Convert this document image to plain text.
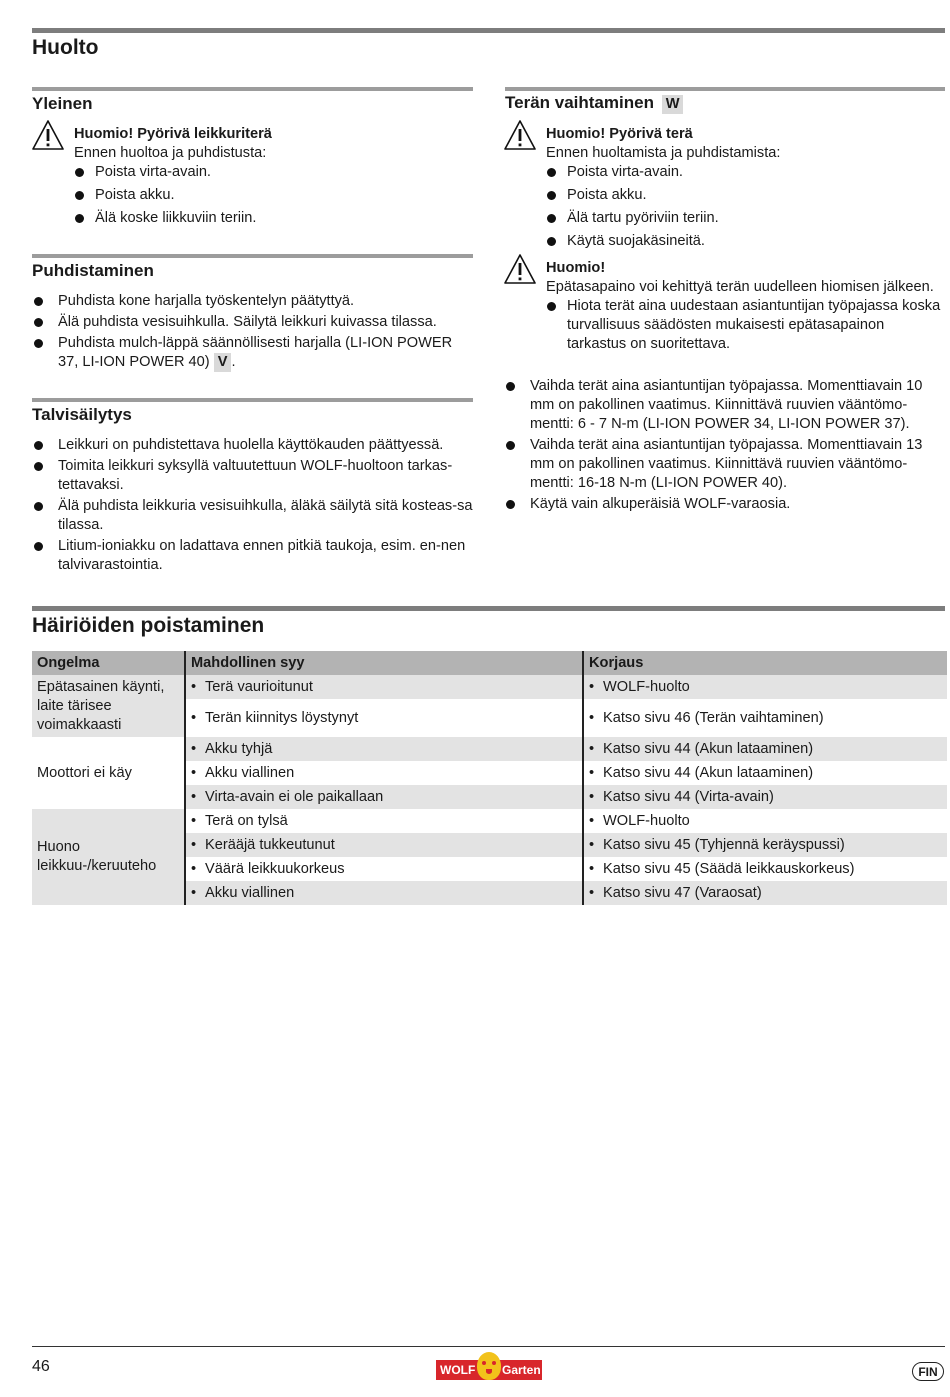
Huolto
Yleinen
Huomio! Pyörivä leikkuriterä
Ennen huoltoa ja puhdistusta:
Poista virta-avain.
Poista akku.
Älä koske liikkuviin teriin.
Puhdistaminen
Puhdista kone harjalla työskentelyn päätyttyä.
Älä puhdista vesisuihkulla. Säilytä leikkuri kuivassa tilassa.
Puhdista mulch-läppä säännöllisesti harjalla (LI-ION POWER 37, LI-ION POWER 40) V .
Talvisäilytys
Leikkuri on puhdistettava huolella käyttökauden päättyessä.
Toimita leikkuri syksyllä valtuutettuun WOLF-huoltoon tarkas-tettavaksi.
Älä puhdista leikkuria vesisuihkulla, äläkä säilytä sitä kosteas-sa tilassa.
Litium-ioniakku on ladattava ennen pitkiä taukoja, esim. en-nen talvivarastointia.
Terän vaihtaminen W
Huomio! Pyörivä terä
Ennen huoltamista ja puhdistamista:
Poista virta-avain.
Poista akku.
Älä tartu pyöriviin teriin.
Käytä suojakäsineitä.
Huomio!
Epätasapaino voi kehittyä terän uudelleen hiomisen jälkeen.
Hiota terät aina uudestaan asiantuntijan työpajassa koska turvallisuus säädösten mukaisesti epätasapainon tarkastus on suoritettava.
Vaihda terät aina asiantuntijan työpajassa. Momenttiavain 10 mm on pakollinen vaatimus. Kiinnittävä ruuvien vääntömo-mentti: 6 - 7 N-m (LI-ION POWER 34, LI-ION POWER 37).
Vaihda terät aina asiantuntijan työpajassa. Momenttiavain 13 mm on pakollinen vaatimus. Kiinnittävä ruuvien vääntömo-mentti: 16-18 N-m (LI-ION POWER 40).
Käytä vain alkuperäisiä WOLF-varaosia.
Häiriöiden poistaminen
Ongelma	Mahdollinen syy	Korjaus
Epätasainen käynti, laite tärisee voimakkaasti	• Terä vaurioitunut	• WOLF-huolto
	• Terän kiinnitys löystynyt	• Katso sivu 46 (Terän vaihtaminen)
Moottori ei käy	• Akku tyhjä	• Katso sivu 44 (Akun lataaminen)
	• Akku viallinen	• Katso sivu 44 (Akun lataaminen)
	• Virta-avain ei ole paikallaan	• Katso sivu 44 (Virta-avain)
Huono leikkuu-/keruuteho	• Terä on tylsä	• WOLF-huolto
	• Kerääjä tukkeutunut	• Katso sivu 45 (Tyhjennä keräyspussi)
	• Väärä leikkuukorkeus	• Katso sivu 45 (Säädä leikkauskorkeus)
	• Akku viallinen	• Katso sivu 47 (Varaosat)
46	WOLF Garten	FIN
